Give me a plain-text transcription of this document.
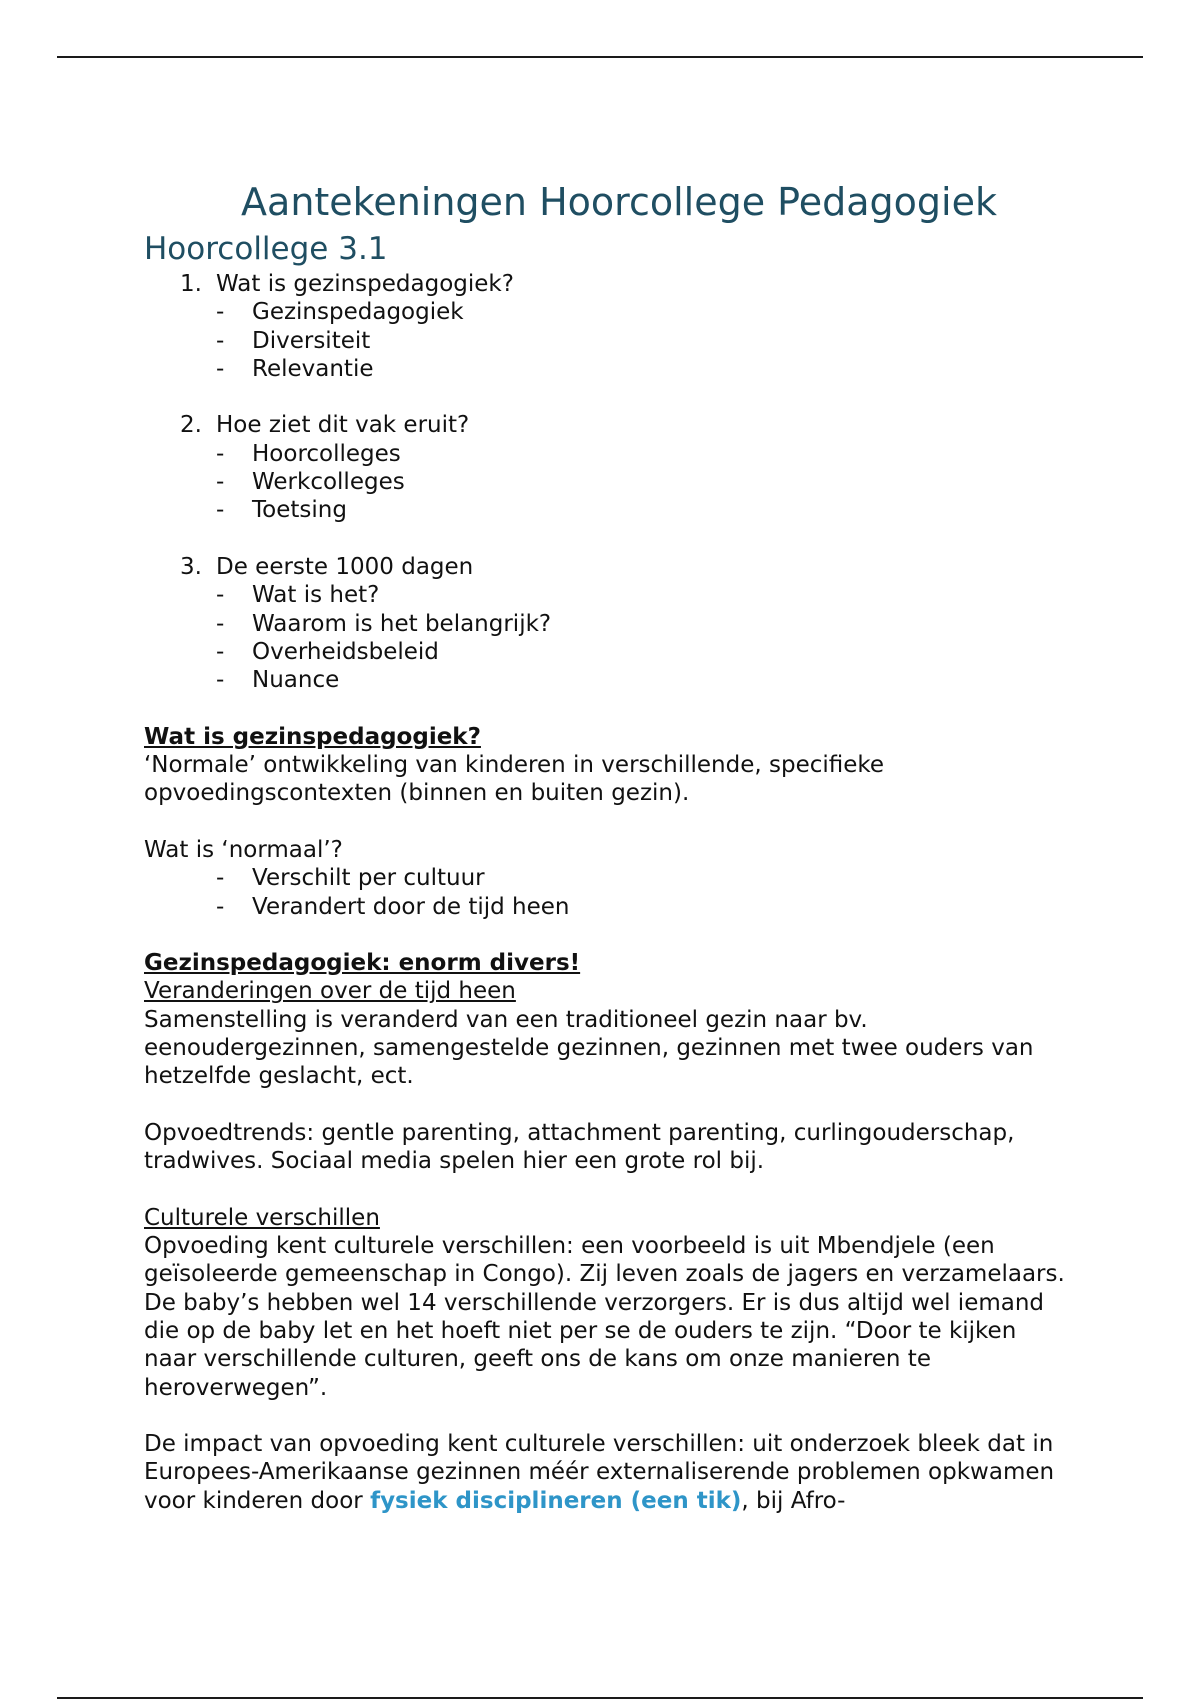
Aantekeningen Hoorcollege Pedagogiek
Hoorcollege 3.1
1. Wat is gezinspedagogiek?
- Gezinspedagogiek
- Diversiteit
- Relevantie
2. Hoe ziet dit vak eruit?
- Hoorcolleges
- Werkcolleges
- Toetsing
3. De eerste 1000 dagen
- Wat is het?
- Waarom is het belangrijk?
- Overheidsbeleid
- Nuance
Wat is gezinspedagogiek?

‘Normale’ ontwikkeling van kinderen in verschillende, specifieke opvoedingscontexten (binnen en buiten gezin).

Wat is ‘normaal’?

- Verschilt per cultuur
- Verandert door de tijd heen
Gezinspedagogiek: enorm divers!
Veranderingen over de tijd heen

Samenstelling is veranderd van een traditioneel gezin naar bv. eenoudergezinnen, samengestelde gezinnen, gezinnen met twee ouders van hetzelfde geslacht, ect.

Opvoedtrends: gentle parenting, attachment parenting, curlingouderschap, tradwives. Sociaal media spelen hier een grote rol bij.

Culturele verschillen

Opvoeding kent culturele verschillen: een voorbeeld is uit Mbendjele (een geïsoleerde gemeenschap in Congo). Zij leven zoals de jagers en verzamelaars. De baby’s hebben wel 14 verschillende verzorgers. Er is dus altijd wel iemand die op de baby let en het hoeft niet per se de ouders te zijn. “Door te kijken naar verschillende culturen, geeft ons de kans om onze manieren te heroverwegen”.

De impact van opvoeding kent culturele verschillen: uit onderzoek bleek dat in Europees-Amerikaanse gezinnen méér externaliserende problemen opkwamen voor kinderen door fysiek disciplineren (een tik), bij Afro-
